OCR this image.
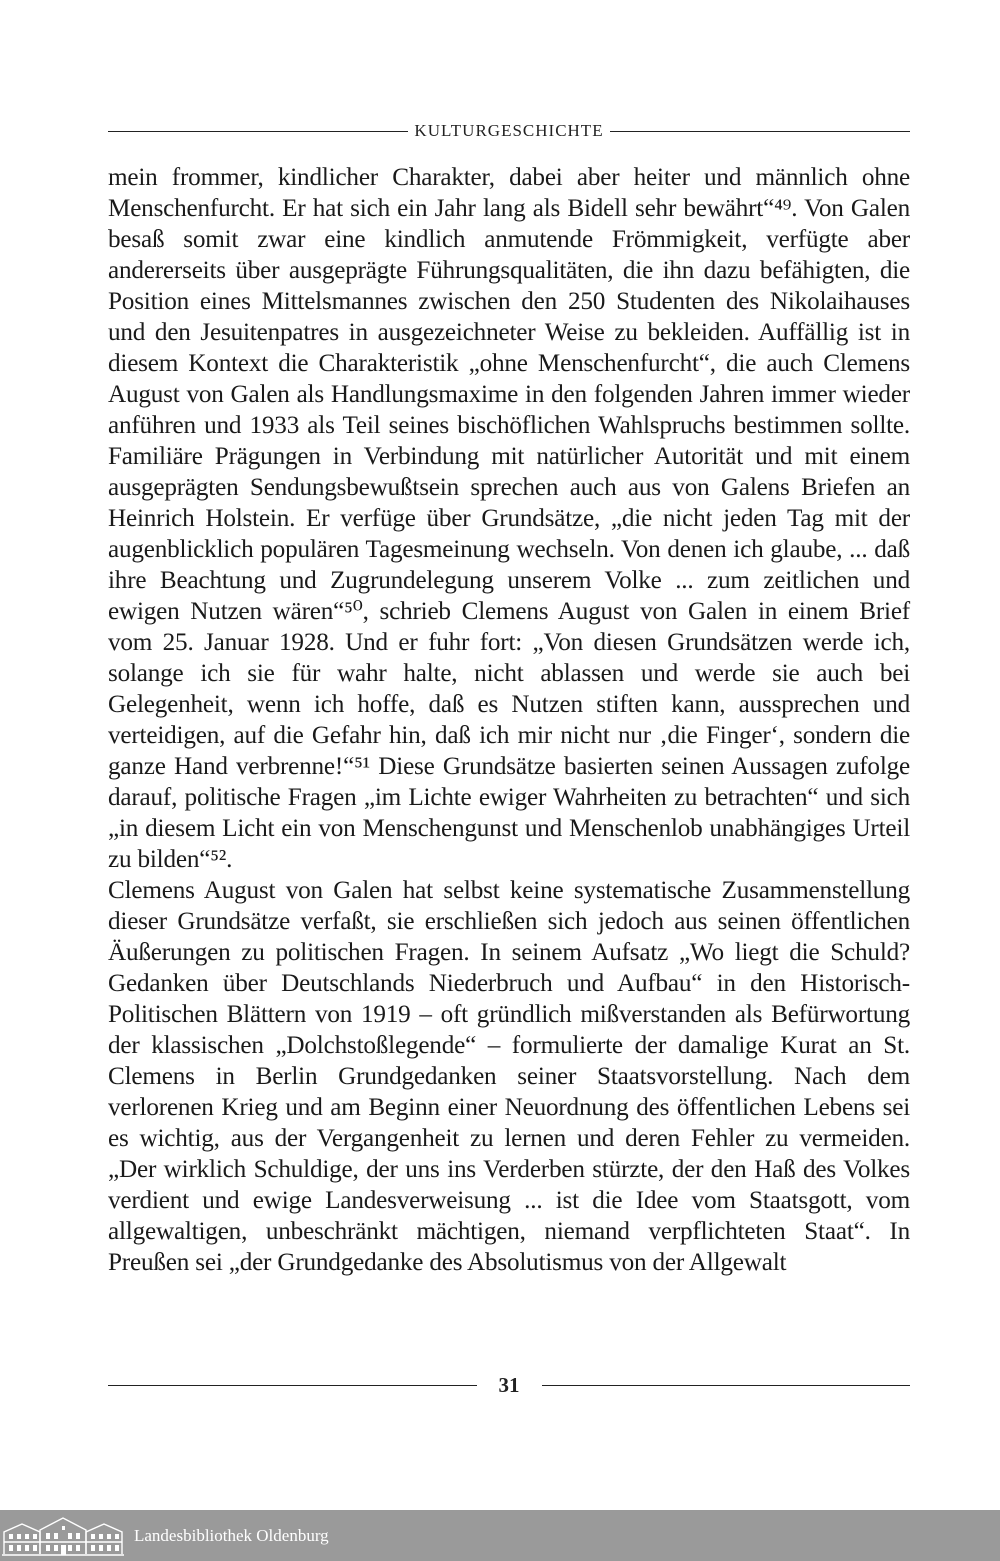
KULTURGESCHICHTE

mein frommer, kindlicher Charakter, dabei aber heiter und männlich ohne Menschenfurcht. Er hat sich ein Jahr lang als Bidell sehr bewährt“⁴⁹. Von Galen besaß somit zwar eine kindlich anmutende Frömmigkeit, verfügte aber andererseits über ausgeprägte Führungsqualitäten, die ihn dazu befähigten, die Position eines Mittelsmannes zwischen den 250 Studenten des Nikolaihauses und den Jesuitenpatres in ausgezeichneter Weise zu bekleiden. Auffällig ist in diesem Kontext die Charakteristik „ohne Menschenfurcht“, die auch Clemens August von Galen als Handlungsmaxime in den folgenden Jahren immer wieder anführen und 1933 als Teil seines bischöflichen Wahlspruchs bestimmen sollte. Familiäre Prägungen in Verbindung mit natürlicher Autorität und mit einem ausgeprägten Sendungsbewußtsein sprechen auch aus von Galens Briefen an Heinrich Holstein. Er verfüge über Grundsätze, „die nicht jeden Tag mit der augenblicklich populären Tagesmeinung wechseln. Von denen ich glaube, ... daß ihre Beachtung und Zugrundelegung unserem Volke ... zum zeitlichen und ewigen Nutzen wären“⁵⁰, schrieb Clemens August von Galen in einem Brief vom 25. Januar 1928. Und er fuhr fort: „Von diesen Grundsätzen werde ich, solange ich sie für wahr halte, nicht ablassen und werde sie auch bei Gelegenheit, wenn ich hoffe, daß es Nutzen stiften kann, aussprechen und verteidigen, auf die Gefahr hin, daß ich mir nicht nur ‚die Finger‘, sondern die ganze Hand verbrenne!“⁵¹ Diese Grundsätze basierten seinen Aussagen zufolge darauf, politische Fragen „im Lichte ewiger Wahrheiten zu betrachten“ und sich „in diesem Licht ein von Menschengunst und Menschenlob unabhängiges Urteil zu bilden“⁵².

Clemens August von Galen hat selbst keine systematische Zusammenstellung dieser Grundsätze verfaßt, sie erschließen sich jedoch aus seinen öffentlichen Äußerungen zu politischen Fragen. In seinem Aufsatz „Wo liegt die Schuld? Gedanken über Deutschlands Niederbruch und Aufbau“ in den Historisch-Politischen Blättern von 1919 – oft gründlich mißverstanden als Befürwortung der klassischen „Dolchstoßlegende“ – formulierte der damalige Kurat an St. Clemens in Berlin Grundgedanken seiner Staatsvorstellung. Nach dem verlorenen Krieg und am Beginn einer Neuordnung des öffentlichen Lebens sei es wichtig, aus der Vergangenheit zu lernen und deren Fehler zu vermeiden. „Der wirklich Schuldige, der uns ins Verderben stürzte, der den Haß des Volkes verdient und ewige Landesverweisung ... ist die Idee vom Staatsgott, vom allgewaltigen, unbeschränkt mächtigen, niemand verpflichteten Staat“. In Preußen sei „der Grundgedanke des Absolutismus von der Allgewalt

31
Landesbibliothek Oldenburg
